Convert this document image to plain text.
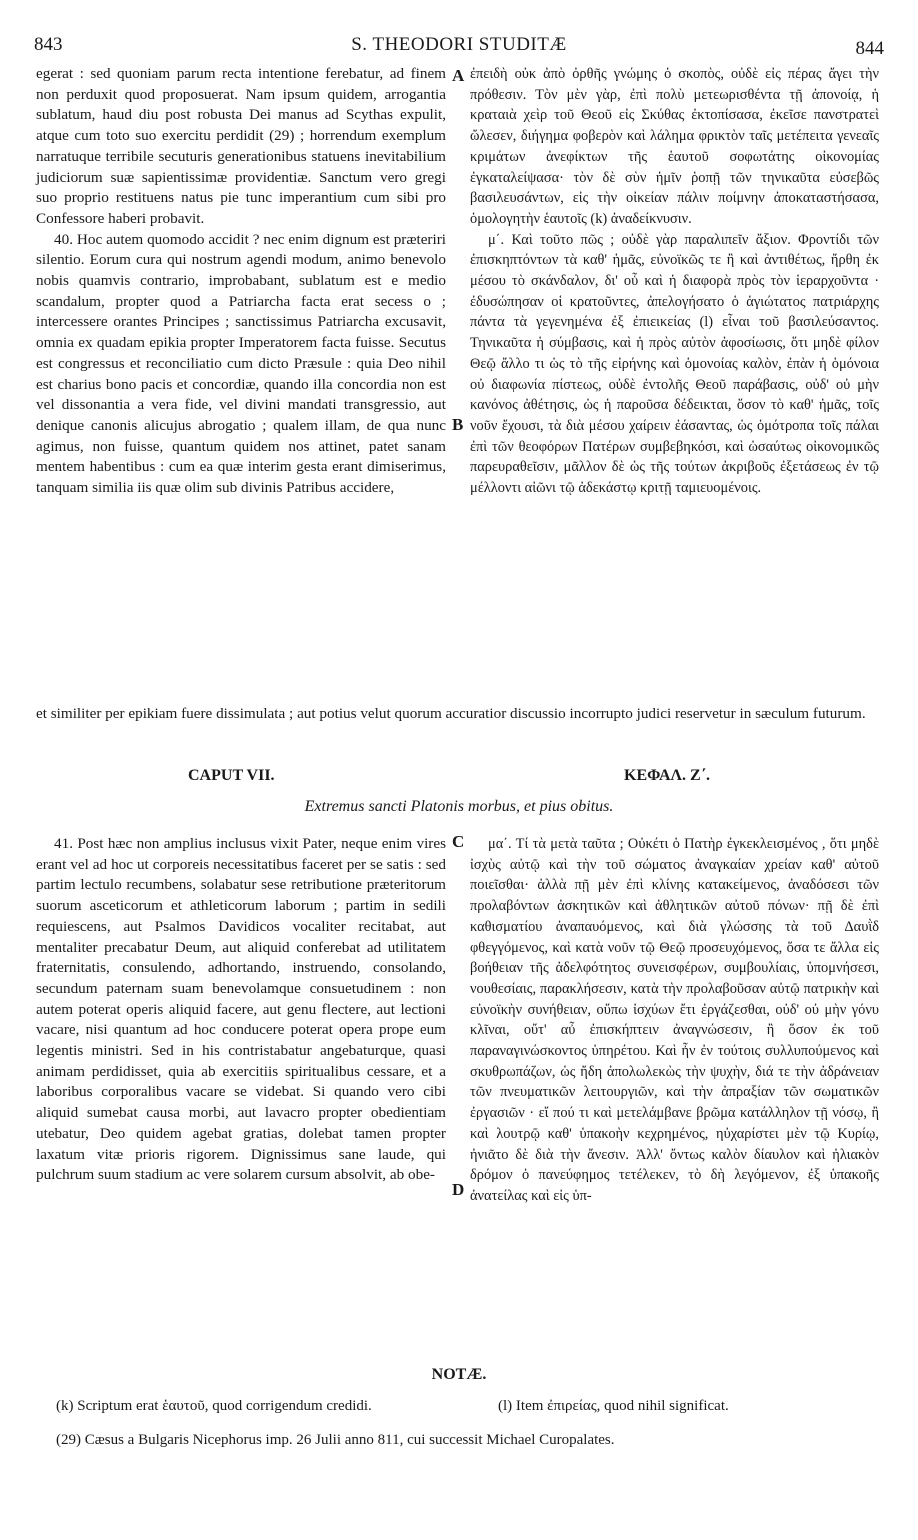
843	S. THEODORI STUDITÆ	844
A
B
C
D

egerat : sed quoniam parum recta intentione ferebatur, ad finem non perduxit quod proposuerat. Nam ipsum quidem, arrogantia sublatum, haud diu post robusta Dei manus ad Scythas expulit, atque cum toto suo exercitu perdidit (29) ; horrendum exemplum narratuque terribile secuturis generationibus statuens inevitabilium judiciorum suæ sapientissimæ providentiæ. Sanctum vero gregi suo proprio restituens natus pie tunc imperantium cum sibi pro Confessore haberi probavit.

40. Hoc autem quomodo accidit ? nec enim dignum est præteriri silentio. Eorum cura qui nostrum agendi modum, animo benevolo nobis quamvis contrario, improbabant, sublatum est e medio scandalum, propter quod a Patriarcha facta erat secess o ; intercessere orantes Principes ; sanctissimus Patriarcha excusavit, omnia ex quadam epikia propter Imperatorem facta fuisse. Secutus est congressus et reconciliatio cum dicto Præsule : quia Deo nihil est charius bono pacis et concordiæ, quando illa concordia non est vel dissonantia a vera fide, vel divini mandati transgressio, aut denique canonis alicujus abrogatio ; qualem illam, de qua nunc agimus, non fuisse, quantum quidem nos attinet, patet sanam mentem habentibus : cum ea quæ interim gesta erant dimiserimus, tanquam similia iis quæ olim sub divinis Patribus accidere,

ἐπειδὴ οὐκ ἀπὸ ὀρθῆς γνώμης ὁ σκοπὸς, οὐδὲ εἰς πέρας ἄγει τὴν πρόθεσιν. Τὸν μὲν γὰρ, ἐπὶ πολὺ μετεωρισθέντα τῇ ἀπονοίᾳ, ἡ κραταιὰ χεὶρ τοῦ Θεοῦ εἰς Σκύθας ἐκτοπίσασα, ἐκεῖσε πανστρατεὶ ὤλεσεν, διήγημα φοβερὸν καὶ λάλημα φρικτὸν ταῖς μετέπειτα γενεαῖς κριμάτων ἀνεφίκτων τῆς ἑαυτοῦ σοφωτάτης οἰκονομίας ἐγκαταλείψασα· τὸν δὲ σὺν ἡμῖν ῥοπῇ τῶν τηνικαῦτα εὐσεβῶς βασιλευσάντων, εἰς τὴν οἰκείαν πάλιν ποίμνην ἀποκαταστήσασα, ὁμολογητὴν ἑαυτοῖς (k) ἀναδείκνυσιν.

μ΄. Καὶ τοῦτο πῶς ; οὐδὲ γὰρ παραλιπεῖν ἄξιον. Φροντίδι τῶν ἐπισκηπτόντων τὰ καθ' ἡμᾶς, εὐνοϊκῶς τε ἢ καὶ ἀντιθέτως, ἤρθη ἐκ μέσου τὸ σκάνδαλον, δι' οὗ καὶ ἡ διαφορὰ πρὸς τὸν ἱεραρχοῦντα · ἐδυσώπησαν οἱ κρατοῦντες, ἀπελογήσατο ὁ ἁγιώτατος πατριάρχης πάντα τὰ γεγενημένα ἐξ ἐπιεικείας (l) εἶναι τοῦ βασιλεύσαντος. Τηνικαῦτα ἡ σύμβασις, καὶ ἡ πρὸς αὐτὸν ἀφοσίωσις, ὅτι μηδὲ φίλον Θεῷ ἄλλο τι ὡς τὸ τῆς εἰρήνης καὶ ὁμονοίας καλὸν, ἐπὰν ἡ ὁμόνοια οὐ διαφωνία πίστεως, οὐδὲ ἐντολῆς Θεοῦ παράβασις, οὐδ' οὐ μὴν κανόνος ἀθέτησις, ὡς ἡ παροῦσα δέδεικται, ὅσον τὸ καθ' ἡμᾶς, τοῖς νοῦν ἔχουσι, τὰ διὰ μέσου χαίρειν ἐάσαντας, ὡς ὁμότροπα τοῖς πάλαι ἐπὶ τῶν θεοφόρων Πατέρων συμβεβηκόσι, καὶ ὡσαύτως οἰκονομικῶς παρευραθεῖσιν, μᾶλλον δὲ ὡς τῆς τούτων ἀκριβοῦς ἐξετάσεως ἐν τῷ μέλλοντι αἰῶνι τῷ ἀδεκάστῳ κριτῇ ταμιευομένοις.

et similiter per epikiam fuere dissimulata ; aut potius velut quorum accuratior discussio incorrupto judici reservetur in sæculum futurum.
CAPUT VII.	ΚΕΦΑΛ. Ζ΄.
Extremus sancti Platonis morbus, et pius obitus.

41. Post hæc non amplius inclusus vixit Pater, neque enim vires erant vel ad hoc ut corporeis necessitatibus faceret per se satis : sed partim lectulo recumbens, solabatur sese retributione præteritorum suorum asceticorum et athleticorum laborum ; partim in sedili requiescens, aut Psalmos Davidicos vocaliter recitabat, aut mentaliter precabatur Deum, aut aliquid conferebat ad utilitatem fraternitatis, consulendo, adhortando, instruendo, consolando, secundum paternam suam benevolamque consuetudinem : non autem poterat operis aliquid facere, aut genu flectere, aut lectioni vacare, nisi quantum ad hoc conducere poterat opera prope eum legentis ministri. Sed in his contristabatur angebaturque, quasi animam perdidisset, quia ab exercitiis spiritualibus cessare, et a laboribus corporalibus vacare se videbat. Si quando vero cibi aliquid sumebat causa morbi, aut lavacro propter obedientiam utebatur, Deo quidem agebat gratias, dolebat tamen propter laxatum vitæ prioris rigorem. Dignissimus sane laude, qui pulchrum suum stadium ac vere solarem cursum absolvit, ab obe-

μα΄. Τί τὰ μετὰ ταῦτα ; Οὐκέτι ὁ Πατὴρ ἐγκεκλεισμένος , ὅτι μηδὲ ἰσχὺς αὐτῷ καὶ τὴν τοῦ σώματος ἀναγκαίαν χρείαν καθ' αὐτοῦ ποιεῖσθαι· ἀλλὰ πῇ μὲν ἐπὶ κλίνης κατακείμενος, ἀναδόσεσι τῶν προλαβόντων ἀσκητικῶν καὶ ἀθλητικῶν αὐτοῦ πόνων· πῇ δὲ ἐπὶ καθισματίου ἀναπαυόμενος, καὶ διὰ γλώσσης τὰ τοῦ Δαυῒδ φθεγγόμενος, καὶ κατὰ νοῦν τῷ Θεῷ προσευχόμενος, ὅσα τε ἄλλα εἰς βοήθειαν τῆς ἀδελφότητος συνεισφέρων, συμβουλίαις, ὑπομνήσεσι, νουθεσίαις, παρακλήσεσιν, κατὰ τὴν προλαβοῦσαν αὐτῷ πατρικὴν καὶ εὐνοϊκὴν συνήθειαν, οὔπω ἰσχύων ἔτι ἐργάζεσθαι, οὐδ' οὐ μὴν γόνυ κλῖναι, οὔτ' αὖ ἐπισκήπτειν ἀναγνώσεσιν, ἢ ὅσον ἐκ τοῦ παραναγινώσκοντος ὑπηρέτου. Καὶ ἦν ἐν τούτοις συλλυπούμενος καὶ σκυθρωπάζων, ὡς ἤδη ἀπολωλεκὼς τὴν ψυχὴν, διά τε τὴν ἀδράνειαν τῶν πνευματικῶν λειτουργιῶν, καὶ τὴν ἀπραξίαν τῶν σωματικῶν ἐργασιῶν · εἴ πού τι καὶ μετελάμβανε βρῶμα κατάλληλον τῇ νόσῳ, ἢ καὶ λουτρῷ καθ' ὑπακοὴν κεχρημένος, ηὐχαρίστει μὲν τῷ Κυρίῳ, ἠνιᾶτο δὲ διὰ τὴν ἄνεσιν. Ἀλλ' ὄντως καλὸν δίαυλον καὶ ἡλιακὸν δρόμον ὁ πανεύφημος τετέλεκεν, τὸ δὴ λεγόμενον, ἐξ ὑπακοῆς ἀνατείλας καὶ εἰς ὑπ-

NOTÆ.
(k) Scriptum erat ἑαυτοῦ, quod corrigendum credidi.	(l) Item ἐπιρείας, quod nihil significat.
(29) Cæsus a Bulgaris Nicephorus imp. 26 Julii anno 811, cui successit Michael Curopalates.
